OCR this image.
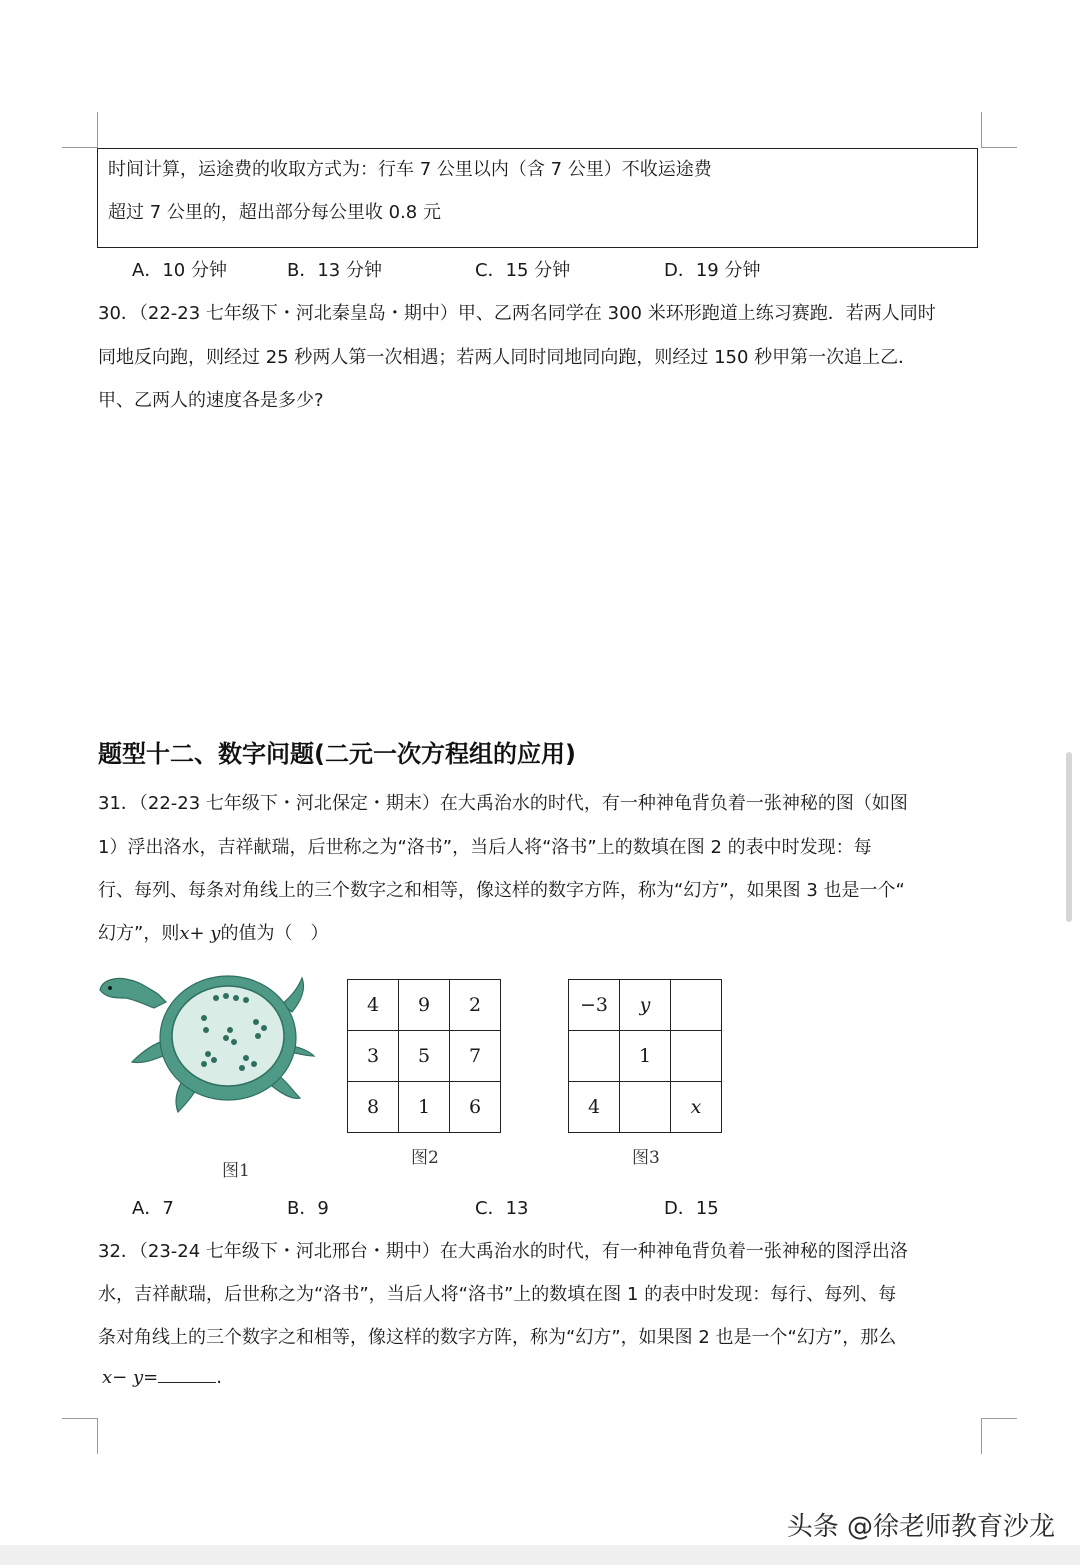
时间计算，运途费的收取方式为：行车 7 公里以内（含 7 公里）不收运途费
超过 7 公里的，超出部分每公里收 0.8 元
A．10 分钟	B．13 分钟	C．15 分钟	D．19 分钟
30．（22-23 七年级下・河北秦皇岛・期中）甲、乙两名同学在 300 米环形跑道上练习赛跑．若两人同时
同地反向跑，则经过 25 秒两人第一次相遇；若两人同时同地同向跑，则经过 150 秒甲第一次追上乙．
甲、乙两人的速度各是多少?
题型十二、数字问题(二元一次方程组的应用)
31．（22-23 七年级下・河北保定・期末）在大禹治水的时代，有一种神龟背负着一张神秘的图（如图
1）浮出洛水，吉祥献瑞，后世称之为“洛书”，当后人将“洛书”上的数填在图 2 的表中时发现：每
行、每列、每条对角线上的三个数字之和相等，像这样的数字方阵，称为“幻方”，如果图 3 也是一个“
幻方”，则x+ y的值为（　）
图1
4	9	2
3	5	7
8	1	6
图2
−3	y	
	1	
4		x
图3
A．7	B．9	C．13	D．15
32．（23-24 七年级下・河北邢台・期中）在大禹治水的时代，有一种神龟背负着一张神秘的图浮出洛
水，吉祥献瑞，后世称之为“洛书”，当后人将“洛书”上的数填在图 1 的表中时发现：每行、每列、每
条对角线上的三个数字之和相等，像这样的数字方阵，称为“幻方”，如果图 2 也是一个“幻方”，那么
x− y=	.
头条 @徐老师教育沙龙
